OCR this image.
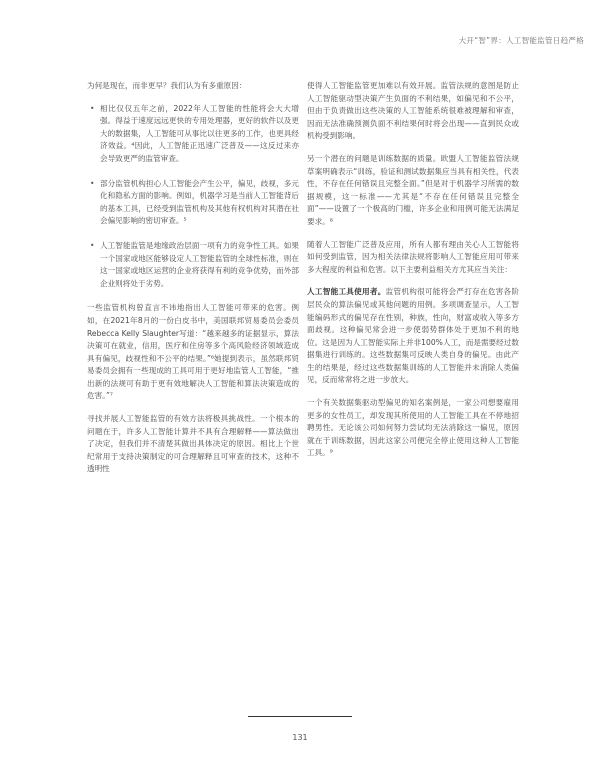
大开“智”界：人工智能监管日趋严格

为何是现在，而非更早？我们认为有多重原因：

• 相比仅仅五年之前，2022年人工智能的性能将会大大增强。得益于速度远远更快的专用处理器，更好的软件以及更大的数据集，人工智能可从事比以往更多的工作，也更具经济效益。⁴因此，人工智能正迅速广泛普及——这反过来亦会导致更严的监管审查。
• 部分监管机构担心人工智能会产生公平，偏见，歧视，多元化和隐私方面的影响。例如，机器学习是当前人工智能背后的基本工具，已经受到监管机构及其他有权机构对其潜在社会偏见影响的密切审查。⁵
• 人工智能监管是地缘政治层面一项有力的竞争性工具。如果一个国家或地区能够设定人工智能监管的全球性标准，则在这一国家或地区运营的企业将获得有利的竞争优势，而外部企业则将处于劣势。

一些监管机构曾直言不讳地指出人工智能可带来的危害。例如，在2021年8月的一份白皮书中，美国联邦贸易委员会委员Rebecca Kelly Slaughter写道：“越来越多的证据显示，算法决策可在就业，信用，医疗和住房等多个高风险经济领域造成具有偏见，歧视性和不公平的结果。”⁶她提到表示，虽然联邦贸易委员会拥有一些现成的工具可用于更好地监管人工智能，“推出新的法规可有助于更有效地解决人工智能和算法决策造成的危害。”⁷

寻找并展人工智能监管的有效方法将极具挑战性。一个根本的问题在于，许多人工智能计算并不具有合理解释——算法做出了决定，但我们并不清楚其做出具体决定的原因。相比上个世纪常用于支持决策制定的可合理解释且可审查的技术，这种不透明性

使得人工智能监管更加难以有效开展。监管法规的意图是防止人工智能驱动型决策产生负面的不利结果，如偏见和不公平，但由于负责做出这些决策的人工智能系统很难被理解和审查，因而无法准确预测负面不利结果何时将会出现——直到民众或机构受到影响。

另一个潜在的问题是训练数据的质量。欧盟人工智能监管法规草案明确表示“训练，验证和测试数据集应当具有相关性，代表性，不存在任何错误且完整全面。”但是对于机器学习所需的数据规模，这一标准——尤其是“不存在任何错误且完整全面”——设置了一个极高的门槛，许多企业和用例可能无法满足要求。⁸

随着人工智能广泛普及应用，所有人都有理由关心人工智能将如何受到监管，因为相关法律法规将影响人工智能应用可带来多大程度的利益和危害。以下主要利益相关方尤其应当关注：

人工智能工具使用者。监管机构很可能将会严打存在危害各阶层民众的算法偏见或其他问题的用例。多项调查显示，人工智能编码形式的偏见存在性别，种族，性向，财富或收入等多方面歧视。这种偏见常会进一步使弱势群体处于更加不利的地位。这是因为人工智能实际上并非100%人工，而是需要经过数据集进行训练的。这些数据集可反映人类自身的偏见。由此产生的结果是，经过这些数据集训练的人工智能并未消除人类偏见，反而常常将之进一步放大。

一个有关数据集驱动型偏见的知名案例是，一家公司想要雇用更多的女性员工，却发现其所使用的人工智能工具在不停地招聘男性。无论该公司如何努力尝试均无法消除这一偏见，原因就在于训练数据，因此这家公司便完全停止使用这种人工智能工具。⁹

131
